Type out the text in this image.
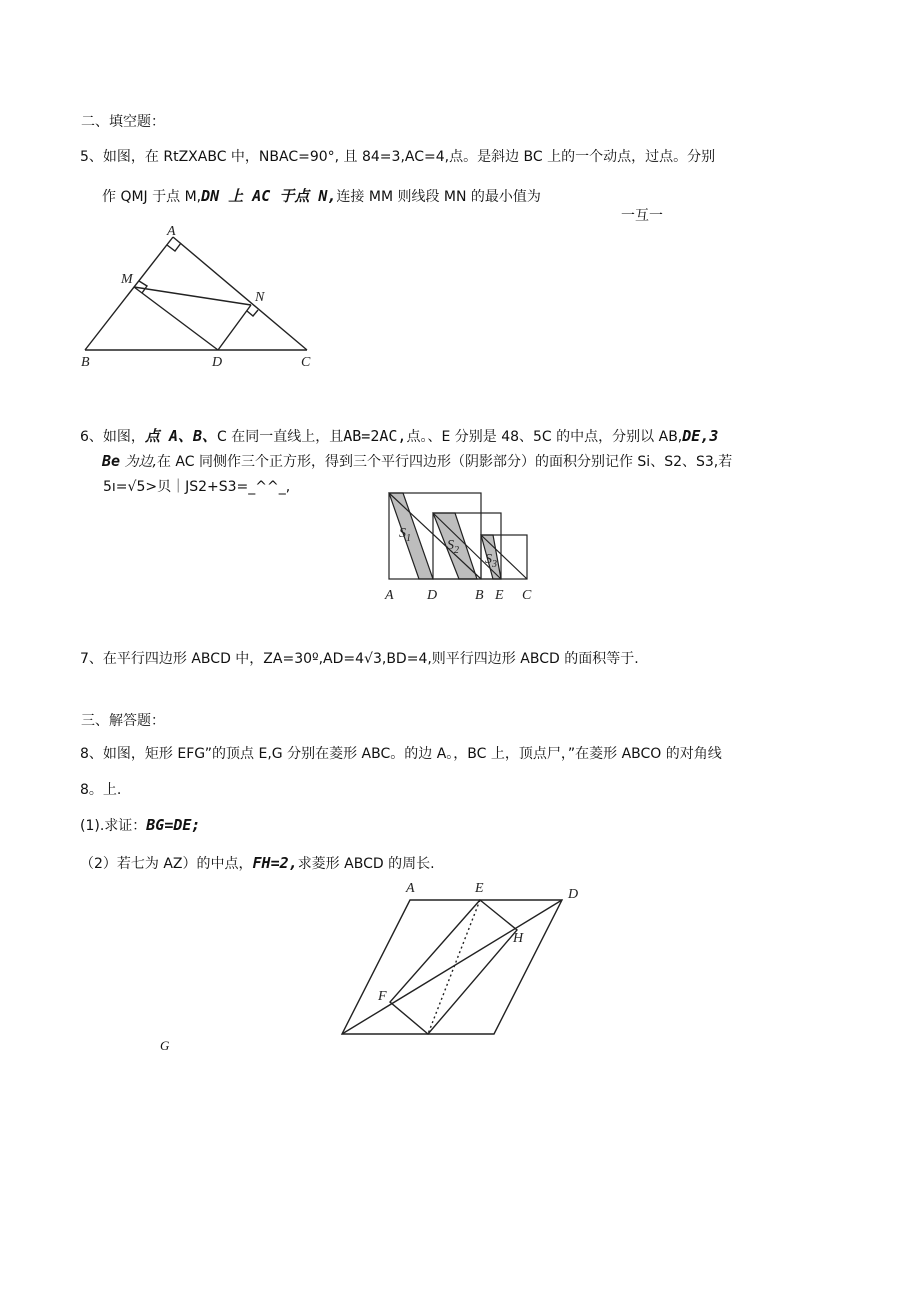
二、填空题：
5、如图，在 RtZXABC 中，NBAC=90°, 且 84=3,AC=4,点。是斜边 BC 上的一个动点，过点。分别
作 QMJ 于点 M,DN 上 AC 于点 N,连接 MM 则线段 MN 的最小值为
一互一
A
M
N
B	D	C
6、如图，点 A、B、C 在同一直线上，且AB=2AC,点。、E 分别是 48、5C 的中点，分别以 AB,DE,3
Be 为边,在 AC 同侧作三个正方形，得到三个平行四边形（阴影部分）的面积分别记作 Si、S2、S3,若
5ı=√5>贝｜JS2+S3=_^^_,
$S_1$	$S_2$
$S_3$
A D	B E C
7、在平行四边形 ABCD 中，ZA=30º,AD=4√3,BD=4,则平行四边形 ABCD 的面积等于.
三、解答题：
8、如图，矩形 EFG”的顶点 E,G 分别在菱形 ABC。的边 A。，BC 上，顶点尸，”在菱形 ABCO 的对角线
8。上.
(1).求证：BG=DE;
（2）若七为 AZ）的中点，FH=2,求菱形 ABCD 的周长.
A	E	D
H
F
G
